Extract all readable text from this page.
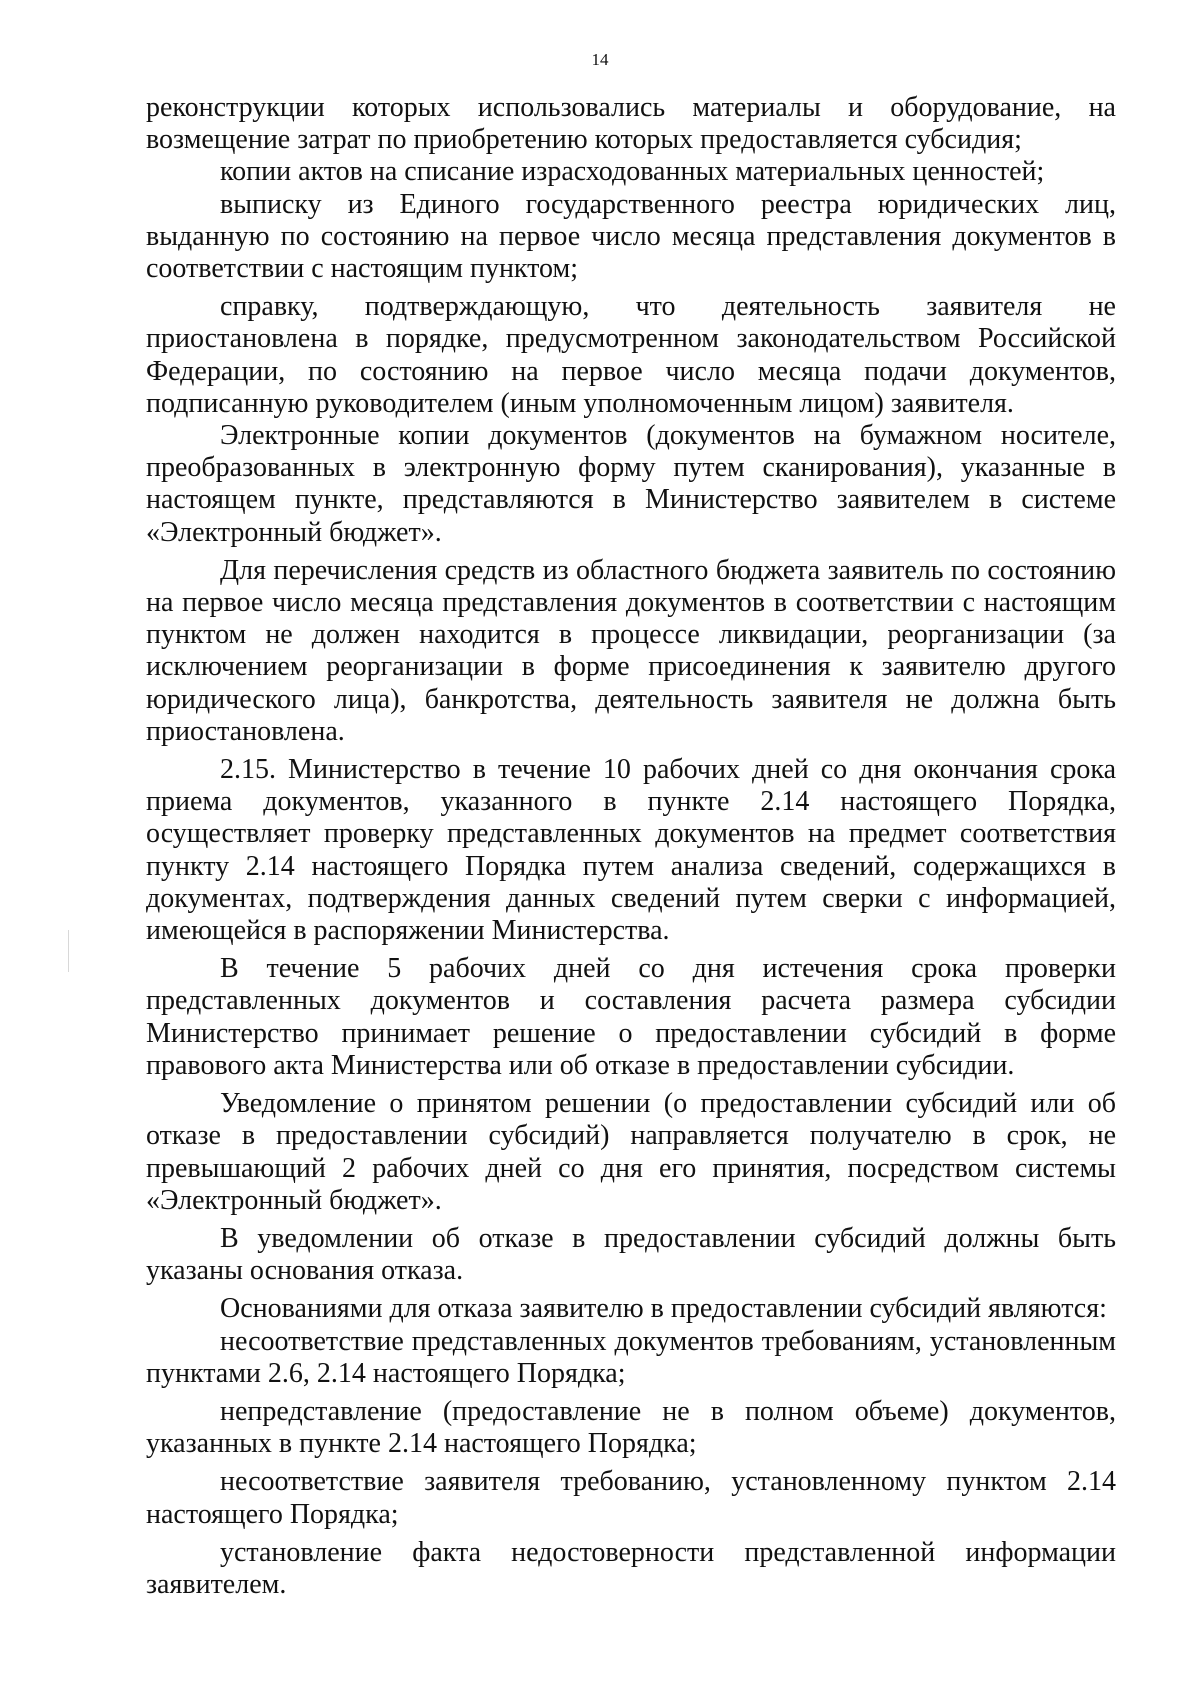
14

реконструкции которых использовались материалы и оборудование, на возмещение затрат по приобретению которых предоставляется субсидия;

копии актов на списание израсходованных материальных ценностей;

выписку из Единого государственного реестра юридических лиц, выданную по состоянию на первое число месяца представления документов в соответствии с настоящим пунктом;

справку, подтверждающую, что деятельность заявителя не приостановлена в порядке, предусмотренном законодательством Российской Федерации, по состоянию на первое число месяца подачи документов, подписанную руководителем (иным уполномоченным лицом) заявителя.

Электронные копии документов (документов на бумажном носителе, преобразованных в электронную форму путем сканирования), указанные в настоящем пункте, представляются в Министерство заявителем в системе «Электронный бюджет».

Для перечисления средств из областного бюджета заявитель по состоянию на первое число месяца представления документов в соответствии с настоящим пунктом не должен находится в процессе ликвидации, реорганизации (за исключением реорганизации в форме присоединения к заявителю другого юридического лица), банкротства, деятельность заявителя не должна быть приостановлена.

2.15. Министерство в течение 10 рабочих дней со дня окончания срока приема документов, указанного в пункте 2.14 настоящего Порядка, осуществляет проверку представленных документов на предмет соответствия пункту 2.14 настоящего Порядка путем анализа сведений, содержащихся в документах, подтверждения данных сведений путем сверки с информацией, имеющейся в распоряжении Министерства.

В течение 5 рабочих дней со дня истечения срока проверки представленных документов и составления расчета размера субсидии Министерство принимает решение о предоставлении субсидий в форме правового акта Министерства или об отказе в предоставлении субсидии.

Уведомление о принятом решении (о предоставлении субсидий или об отказе в предоставлении субсидий) направляется получателю в срок, не превышающий 2 рабочих дней со дня его принятия, посредством системы «Электронный бюджет».

В уведомлении об отказе в предоставлении субсидий должны быть указаны основания отказа.

Основаниями для отказа заявителю в предоставлении субсидий являются:

несоответствие представленных документов требованиям, установленным пунктами 2.6, 2.14 настоящего Порядка;

непредставление (предоставление не в полном объеме) документов, указанных в пункте 2.14 настоящего Порядка;

несоответствие заявителя требованию, установленному пунктом 2.14 настоящего Порядка;

установление факта недостоверности представленной информации заявителем.
